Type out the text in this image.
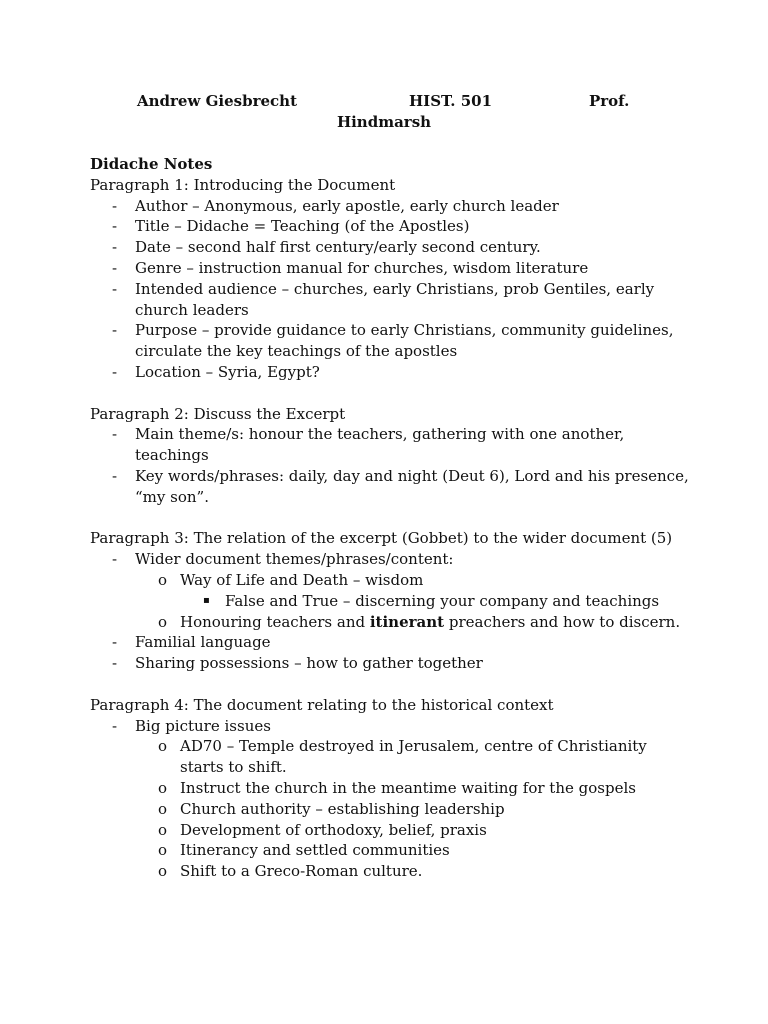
Andrew Giesbrecht	HIST. 501	Prof.
Hindmarsh
Didache Notes
Paragraph 1: Introducing the Document
- Author – Anonymous, early apostle, early church leader
- Title – Didache = Teaching (of the Apostles)
- Date – second half first century/early second century.
- Genre – instruction manual for churches, wisdom literature
- Intended audience – churches, early Christians, prob Gentiles, early church leaders
- Purpose – provide guidance to early Christians, community guidelines, circulate the key teachings of the apostles
- Location – Syria, Egypt?
Paragraph 2: Discuss the Excerpt
- Main theme/s: honour the teachers, gathering with one another, teachings
- Key words/phrases: daily, day and night (Deut 6), Lord and his presence, “my son”.
Paragraph 3: The relation of the excerpt (Gobbet) to the wider document (5)
- Wider document themes/phrases/content:
o Way of Life and Death – wisdom
▪ False and True – discerning your company and teachings
o Honouring teachers and itinerant preachers and how to discern.
- Familial language
- Sharing possessions – how to gather together
Paragraph 4: The document relating to the historical context
- Big picture issues
o AD70 – Temple destroyed in Jerusalem, centre of Christianity starts to shift.
o Instruct the church in the meantime waiting for the gospels
o Church authority – establishing leadership
o Development of orthodoxy, belief, praxis
o Itinerancy and settled communities
o Shift to a Greco-Roman culture.
